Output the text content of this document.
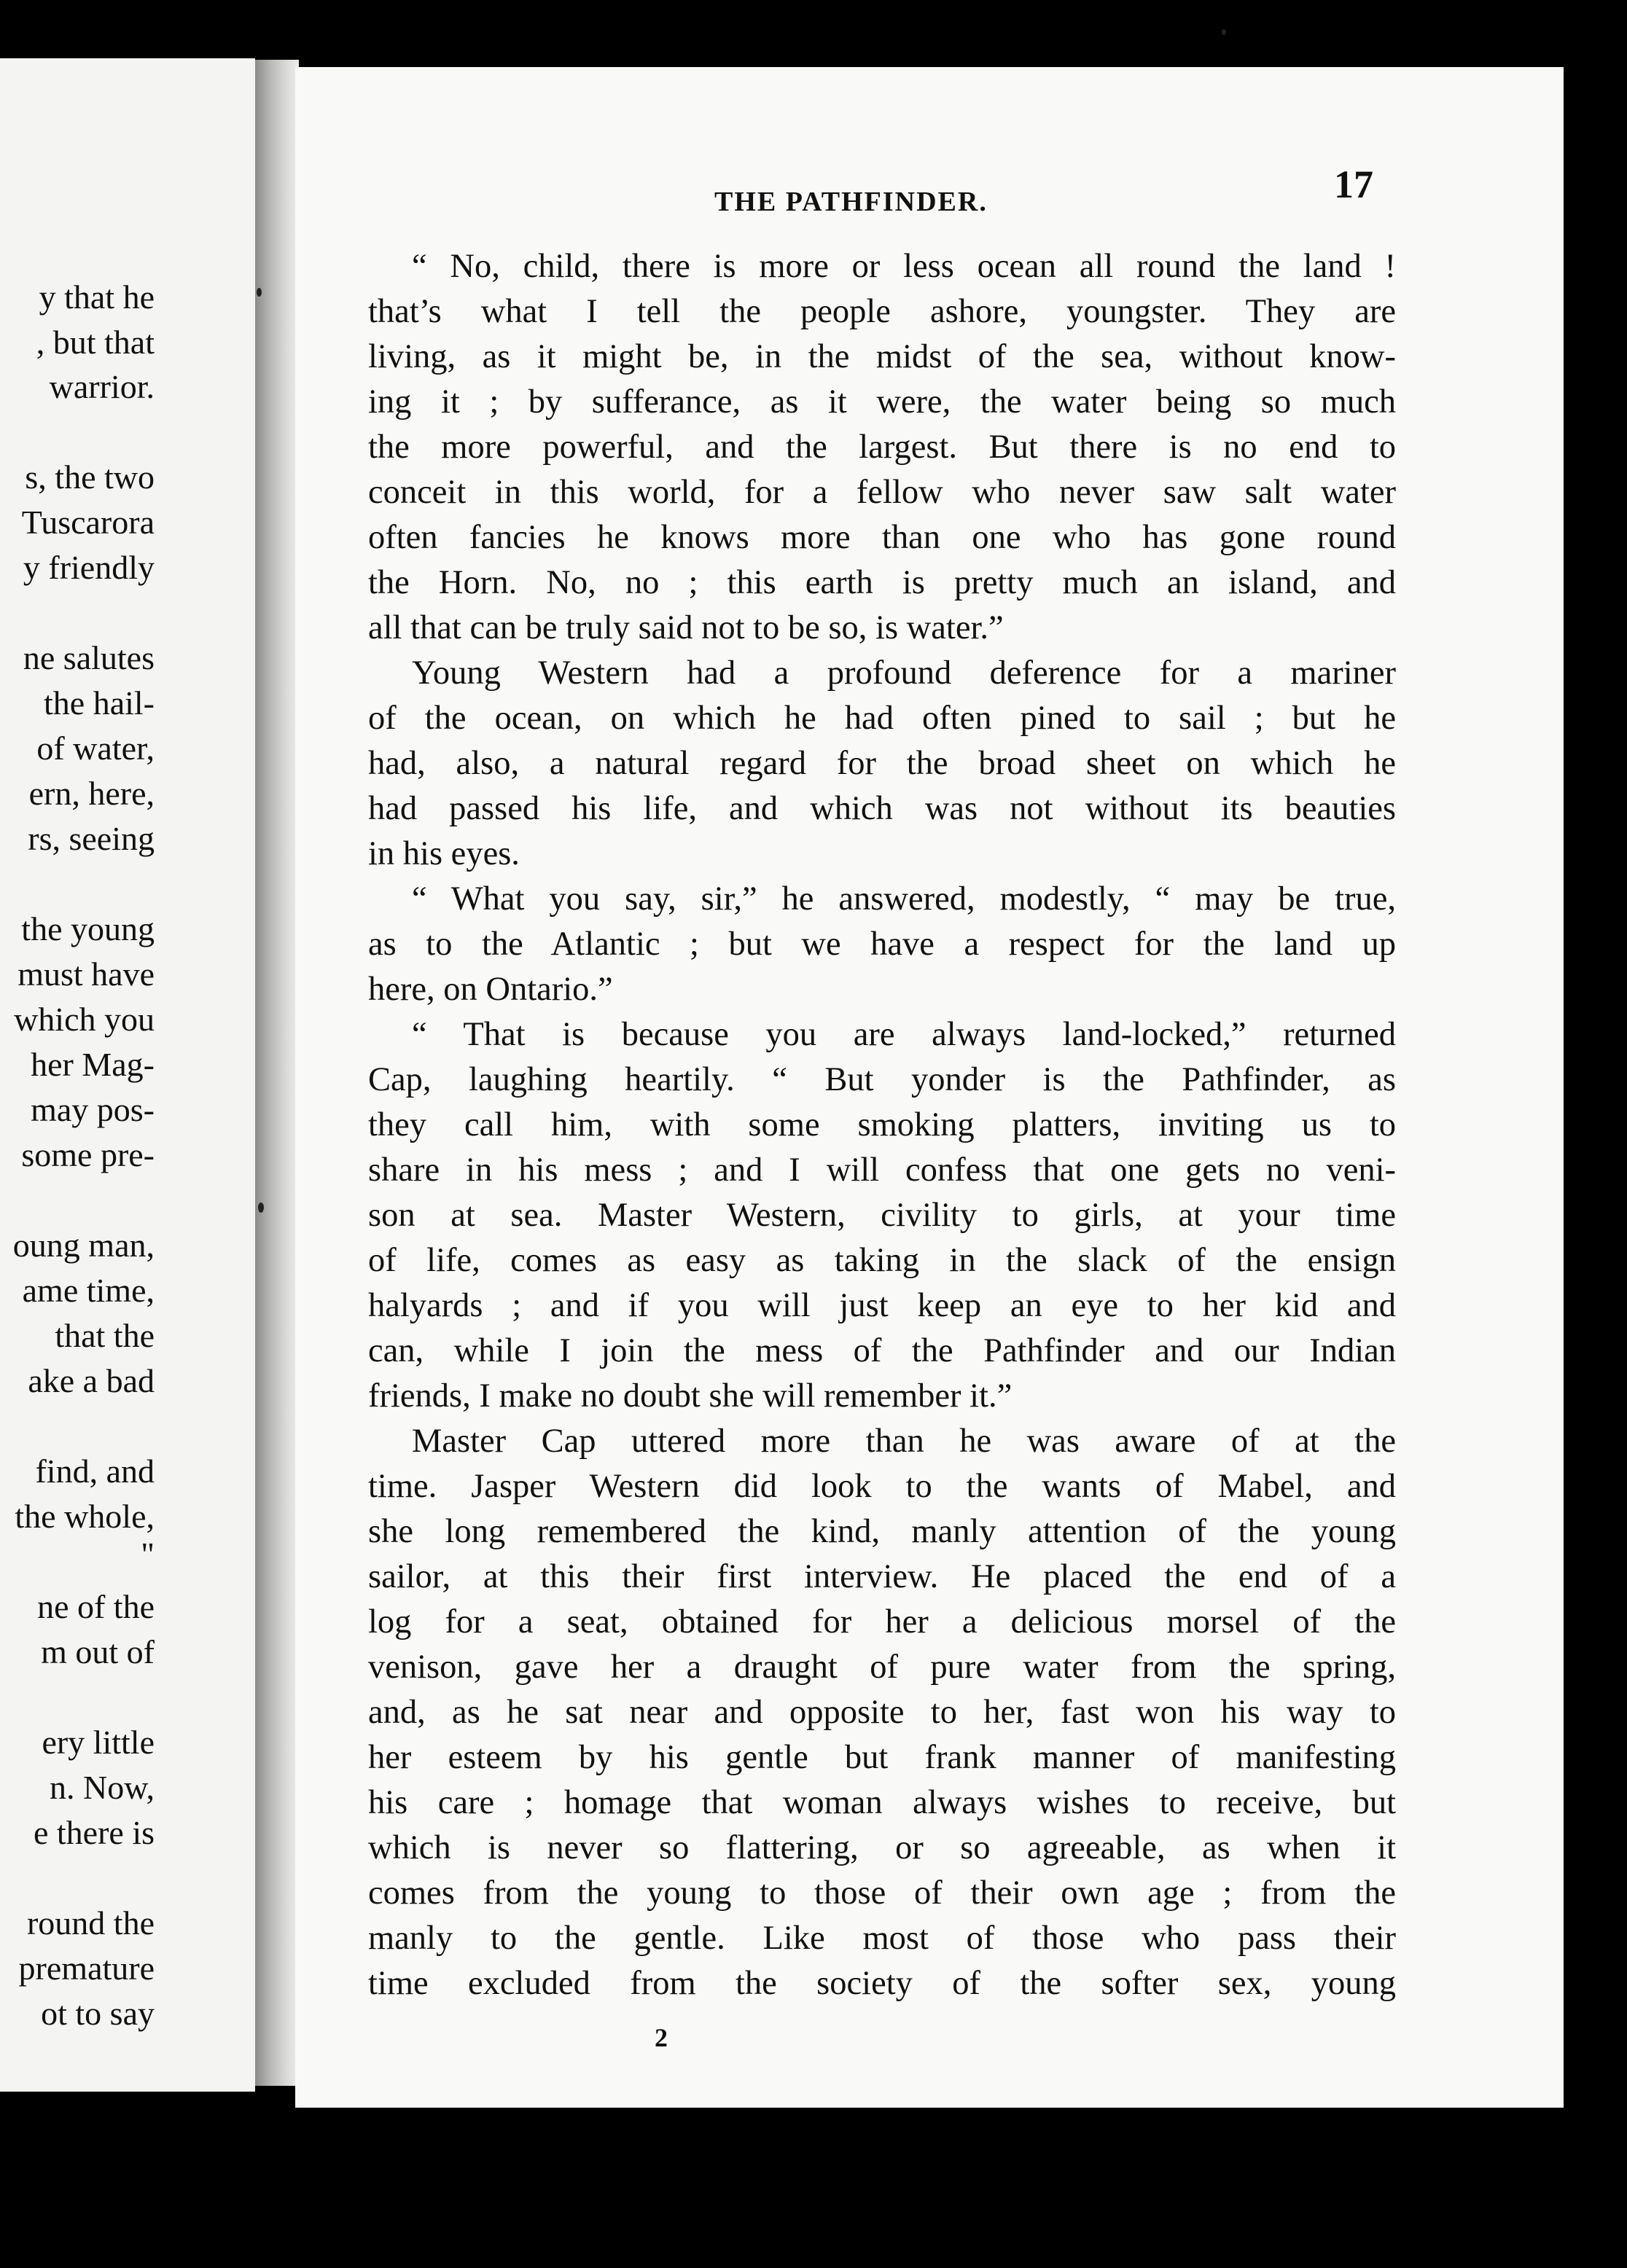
y that he
, but that
warrior.
s, the two
Tuscarora
y friendly
ne salutes
the hail-
of water,
ern, here,
rs, seeing
the young
must have
which you
her Mag-
may pos-
some pre-
oung man,
ame time,
that the
ake a bad
find, and
the whole,
"
ne of the
m out of
ery little
n. Now,
e there is
round the
premature
ot to say
THE PATHFINDER.	17
“ No, child, there is more or less ocean all round the land !
that’s what I tell the people ashore, youngster. They are
living, as it might be, in the midst of the sea, without know-
ing it ; by sufferance, as it were, the water being so much
the more powerful, and the largest. But there is no end to
conceit in this world, for a fellow who never saw salt water
often fancies he knows more than one who has gone round
the Horn. No, no ; this earth is pretty much an island, and
all that can be truly said not to be so, is water.”
Young Western had a profound deference for a mariner
of the ocean, on which he had often pined to sail ; but he
had, also, a natural regard for the broad sheet on which he
had passed his life, and which was not without its beauties
in his eyes.
“ What you say, sir,” he answered, modestly, “ may be true,
as to the Atlantic ; but we have a respect for the land up
here, on Ontario.”
“ That is because you are always land-locked,” returned
Cap, laughing heartily. “ But yonder is the Pathfinder, as
they call him, with some smoking platters, inviting us to
share in his mess ; and I will confess that one gets no veni-
son at sea. Master Western, civility to girls, at your time
of life, comes as easy as taking in the slack of the ensign
halyards ; and if you will just keep an eye to her kid and
can, while I join the mess of the Pathfinder and our Indian
friends, I make no doubt she will remember it.”
Master Cap uttered more than he was aware of at the
time. Jasper Western did look to the wants of Mabel, and
she long remembered the kind, manly attention of the young
sailor, at this their first interview. He placed the end of a
log for a seat, obtained for her a delicious morsel of the
venison, gave her a draught of pure water from the spring,
and, as he sat near and opposite to her, fast won his way to
her esteem by his gentle but frank manner of manifesting
his care ; homage that woman always wishes to receive, but
which is never so flattering, or so agreeable, as when it
comes from the young to those of their own age ; from the
manly to the gentle. Like most of those who pass their
time excluded from the society of the softer sex, young
2
